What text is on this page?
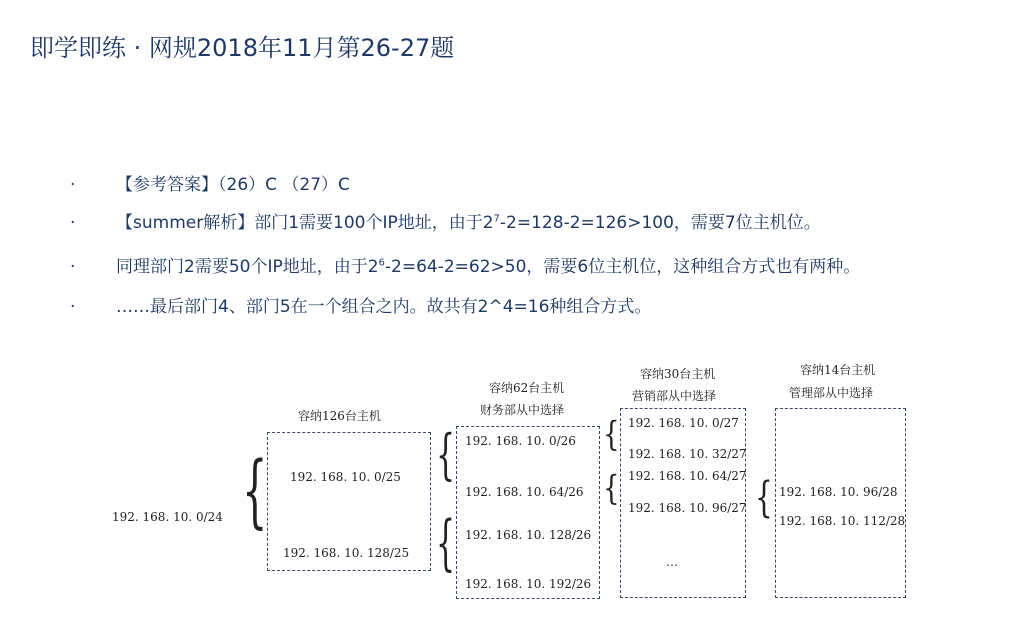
即学即练 · 网规2018年11月第26-27题
· 【参考答案】（26）C （27）C
· 【summer解析】部门1需要100个IP地址，由于$2^7-2=128-2=126>100$，需要7位主机位。
· 同理部门2需要50个IP地址，由于$2^6-2=64-2=62>50$，需要6位主机位，这种组合方式也有两种。
· ……最后部门4、部门5在一个组合之内。故共有2^4=16种组合方式。
192. 168. 10. 0/24 {
容纳126台主机
192. 168. 10. 0/25
192. 168. 10. 128/25
{
{
容纳62台主机
财务部从中选择
192. 168. 10. 0/26
192. 168. 10. 64/26
192. 168. 10. 128/26
192. 168. 10. 192/26
{
{
容纳30台主机
营销部从中选择
192. 168. 10. 0/27
192. 168. 10. 32/27
192. 168. 10. 64/27
192. 168. 10. 96/27
…
{
容纳14台主机
管理部从中选择
192. 168. 10. 96/28
192. 168. 10. 112/28
